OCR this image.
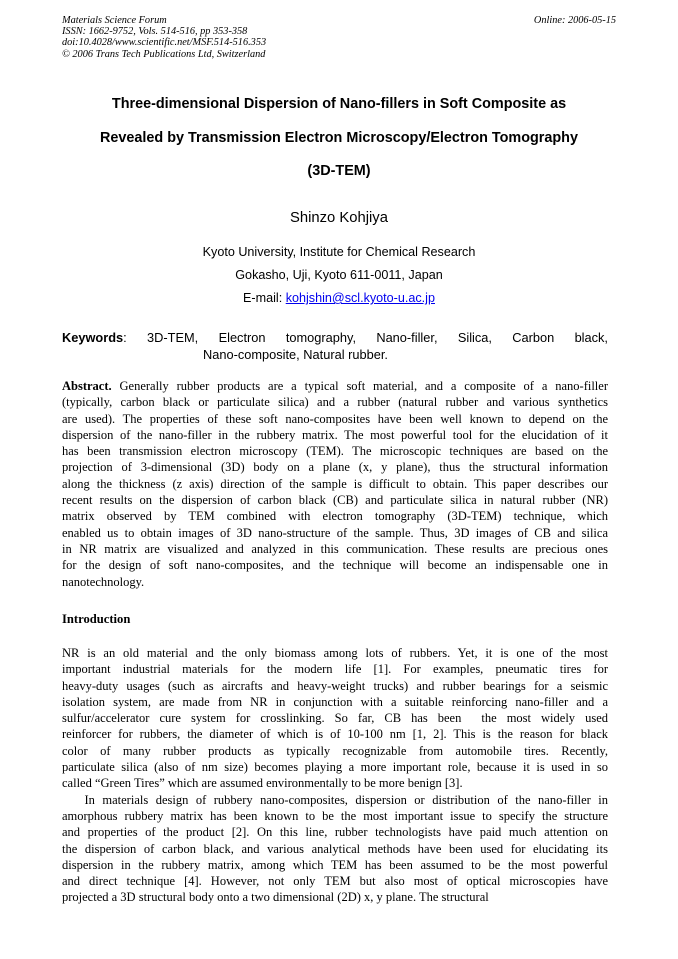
Materials Science Forum
ISSN: 1662-9752, Vols. 514-516, pp 353-358
doi:10.4028/www.scientific.net/MSF.514-516.353
© 2006 Trans Tech Publications Ltd, Switzerland
Online: 2006-05-15
Three-dimensional Dispersion of Nano-fillers in Soft Composite as
Revealed by Transmission Electron Microscopy/Electron Tomography
(3D-TEM)
Shinzo Kohjiya
Kyoto University, Institute for Chemical Research
Gokasho, Uji, Kyoto 611-0011, Japan
E-mail: kohjshin@scl.kyoto-u.ac.jp
Keywords: 3D-TEM, Electron tomography, Nano-filler, Silica, Carbon black,
Nano-composite, Natural rubber.
Abstract. Generally rubber products are a typical soft material, and a composite of a nano-filler
(typically, carbon black or particulate silica) and a rubber (natural rubber and various synthetics
are used). The properties of these soft nano-composites have been well known to depend on the
dispersion of the nano-filler in the rubbery matrix. The most powerful tool for the elucidation of it
has been transmission electron microscopy (TEM). The microscopic techniques are based on the
projection of 3-dimensional (3D) body on a plane (x, y plane), thus the structural information
along the thickness (z axis) direction of the sample is difficult to obtain. This paper describes our
recent results on the dispersion of carbon black (CB) and particulate silica in natural rubber (NR)
matrix observed by TEM combined with electron tomography (3D-TEM) technique, which
enabled us to obtain images of 3D nano-structure of the sample. Thus, 3D images of CB and silica
in NR matrix are visualized and analyzed in this communication. These results are precious ones
for the design of soft nano-composites, and the technique will become an indispensable one in
nanotechnology.
Introduction
NR is an old material and the only biomass among lots of rubbers. Yet, it is one of the most
important industrial materials for the modern life [1]. For examples, pneumatic tires for
heavy-duty usages (such as aircrafts and heavy-weight trucks) and rubber bearings for a seismic
isolation system, are made from NR in conjunction with a suitable reinforcing nano-filler and a
sulfur/accelerator cure system for crosslinking. So far, CB has been  the most widely used
reinforcer for rubbers, the diameter of which is of 10-100 nm [1, 2]. This is the reason for black
color of many rubber products as typically recognizable from automobile tires. Recently,
particulate silica (also of nm size) becomes playing a more important role, because it is used in so
called “Green Tires” which are assumed environmentally to be more benign [3].
In materials design of rubbery nano-composites, dispersion or distribution of the nano-filler in
amorphous rubbery matrix has been known to be the most important issue to specify the structure
and properties of the product [2]. On this line, rubber technologists have paid much attention on
the dispersion of carbon black, and various analytical methods have been used for elucidating its
dispersion in the rubbery matrix, among which TEM has been assumed to be the most powerful
and direct technique [4]. However, not only TEM but also most of optical microscopies have
projected a 3D structural body onto a two dimensional (2D) x, y plane. The structural
